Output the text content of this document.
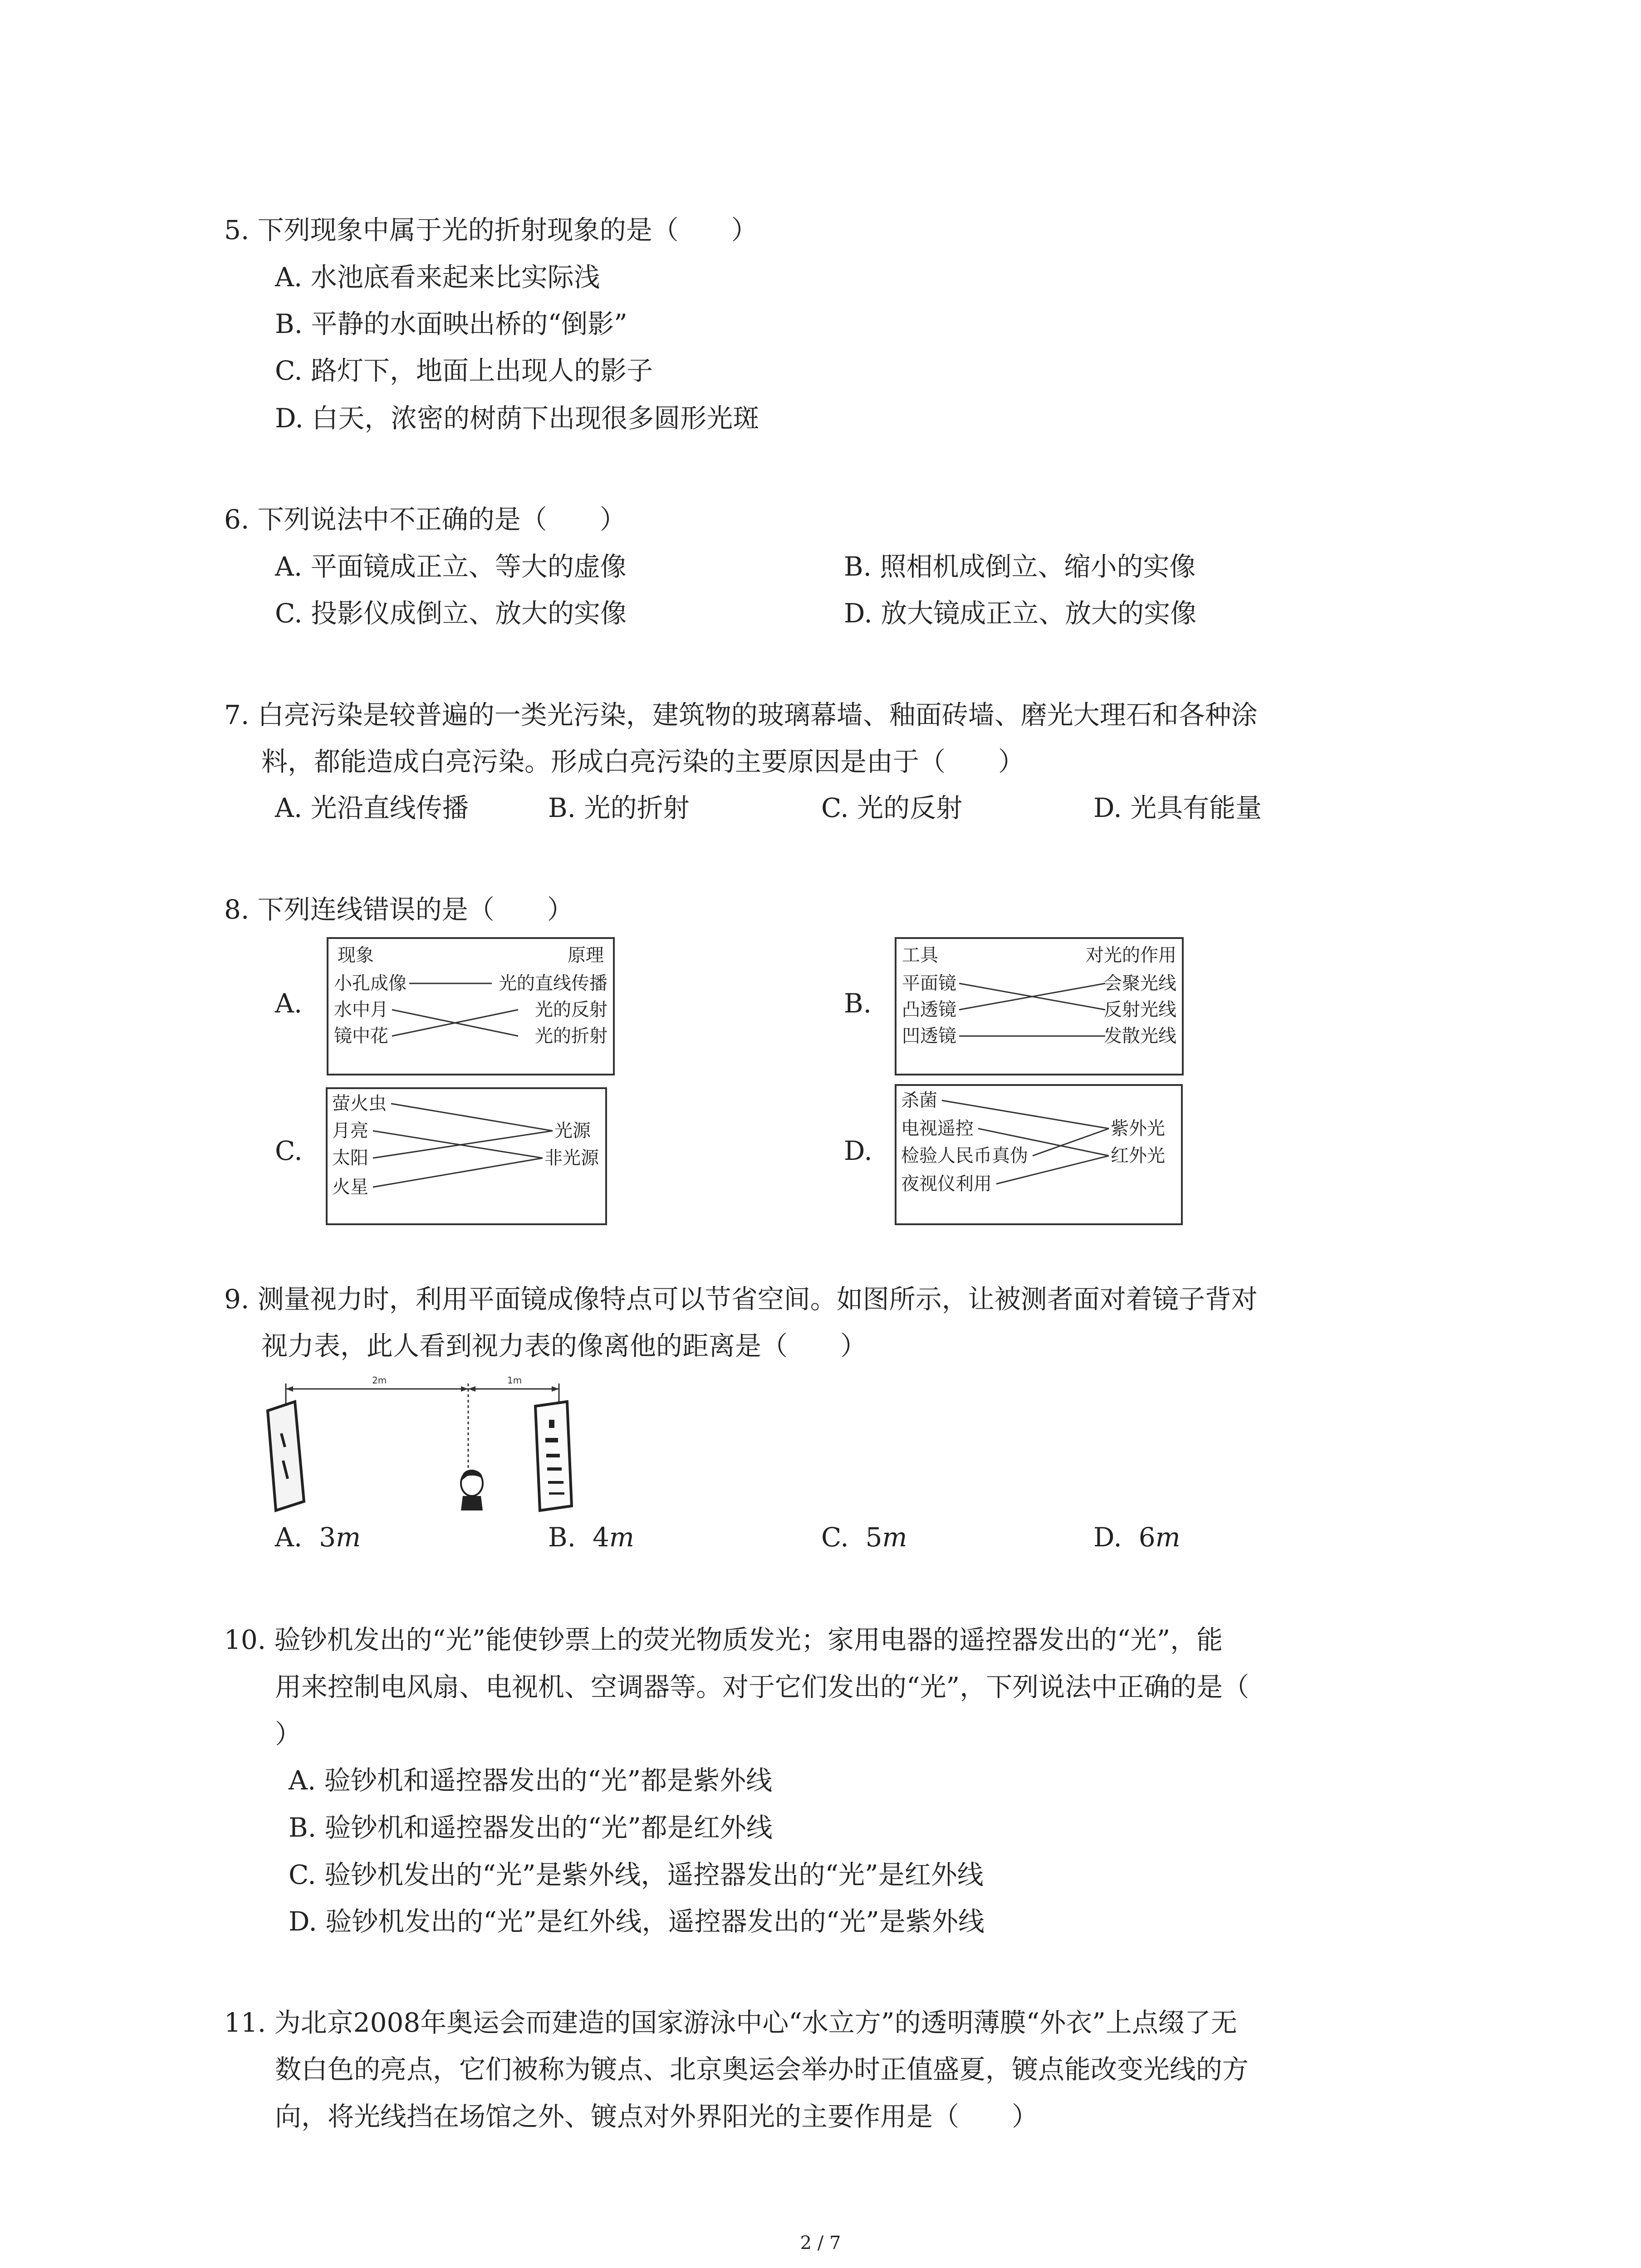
5. 下列现象中属于光的折射现象的是（　　）
A. 水池底看来起来比实际浅
B. 平静的水面映出桥的“倒影”
C. 路灯下，地面上出现人的影子
D. 白天，浓密的树荫下出现很多圆形光斑
6. 下列说法中不正确的是（　　）
A. 平面镜成正立、等大的虚像	B. 照相机成倒立、缩小的实像
C. 投影仪成倒立、放大的实像	D. 放大镜成正立、放大的实像
7. 白亮污染是较普遍的一类光污染，建筑物的玻璃幕墙、釉面砖墙、磨光大理石和各种涂
料，都能造成白亮污染。形成白亮污染的主要原因是由于（　　）
A. 光沿直线传播	B. 光的折射	C. 光的反射	D. 光具有能量
8. 下列连线错误的是（　　）
A.	B.
C.	D.
现象	原理
小孔成像
水中月
镜中花
光的直线传播
光的反射
光的折射
工具	对光的作用
平面镜
凸透镜
凹透镜
会聚光线
反射光线
发散光线
萤火虫
月亮
太阳
火星
光源
非光源
杀菌
电视遥控
检验人民币真伪
夜视仪利用
紫外光
红外光
9. 测量视力时，利用平面镜成像特点可以节省空间。如图所示，让被测者面对着镜子背对
视力表，此人看到视力表的像离他的距离是（　　）
2m	1m
A. 3m	B. 4m	C. 5m	D. 6m
10. 验钞机发出的“光”能使钞票上的荧光物质发光；家用电器的遥控器发出的“光”，能
用来控制电风扇、电视机、空调器等。对于它们发出的“光”，下列说法中正确的是（
）
A. 验钞机和遥控器发出的“光”都是紫外线
B. 验钞机和遥控器发出的“光”都是红外线
C. 验钞机发出的“光”是紫外线，遥控器发出的“光”是红外线
D. 验钞机发出的“光”是红外线，遥控器发出的“光”是紫外线
11. 为北京2008年奥运会而建造的国家游泳中心“水立方”的透明薄膜“外衣”上点缀了无
数白色的亮点，它们被称为镀点、北京奥运会举办时正值盛夏，镀点能改变光线的方
向，将光线挡在场馆之外、镀点对外界阳光的主要作用是（　　）
2 / 7
